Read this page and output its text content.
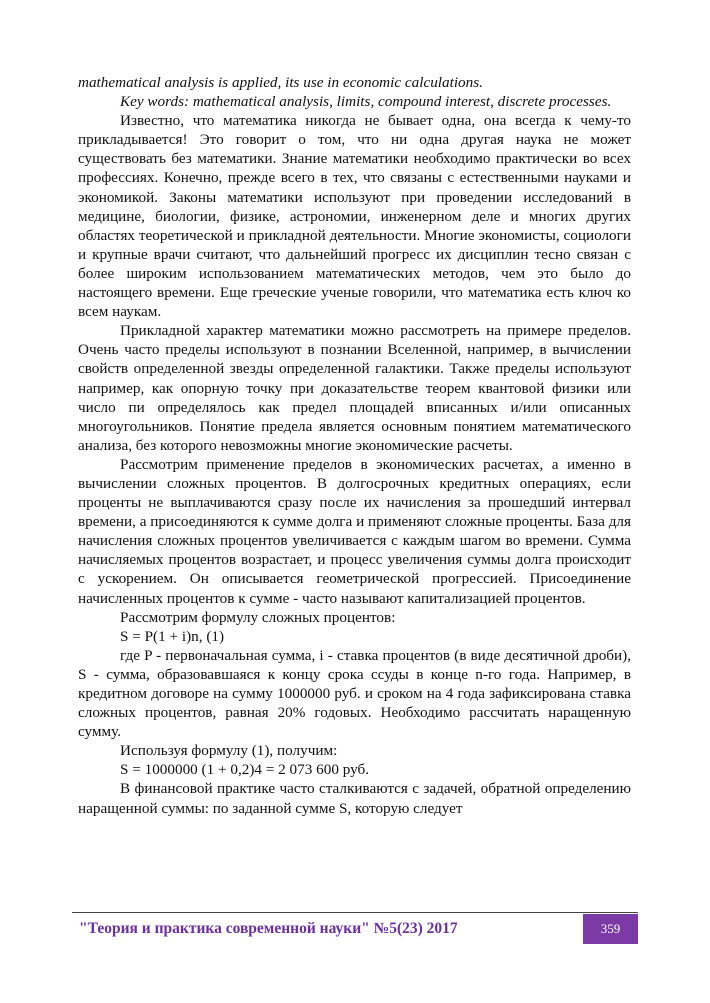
mathematical analysis is applied, its use in economic calculations.

Key words: mathematical analysis, limits, compound interest, discrete processes.

Известно, что математика никогда не бывает одна, она всегда к чему-то прикладывается! Это говорит о том, что ни одна другая наука не может существовать без математики. Знание математики необходимо практически во всех профессиях. Конечно, прежде всего в тех, что связаны с естественными науками и экономикой. Законы математики используют при проведении исследований в медицине, биологии, физике, астрономии, инженерном деле и многих других областях теоретической и прикладной деятельности. Многие экономисты, социологи и крупные врачи считают, что дальнейший прогресс их дисциплин тесно связан с более широким использованием математических методов, чем это было до настоящего времени. Еще греческие ученые говорили, что математика есть ключ ко всем наукам.

Прикладной характер математики можно рассмотреть на примере пределов. Очень часто пределы используют в познании Вселенной, например, в вычислении свойств определенной звезды определенной галактики. Также пределы используют например, как опорную точку при доказательстве теорем квантовой физики или число пи определялось как предел площадей вписанных и/или описанных многоугольников. Понятие предела является основным понятием математического анализа, без которого невозможны многие экономические расчеты.

Рассмотрим применение пределов в экономических расчетах, а именно в вычислении сложных процентов. В долгосрочных кредитных операциях, если проценты не выплачиваются сразу после их начисления за прошедший интервал времени, а присоединяются к сумме долга и применяют сложные проценты. База для начисления сложных процентов увеличивается с каждым шагом во времени. Сумма начисляемых процентов возрастает, и процесс увеличения суммы долга происходит с ускорением. Он описывается геометрической прогрессией. Присоединение начисленных процентов к сумме - часто называют капитализацией процентов.

Рассмотрим формулу сложных процентов:

S = P(1 + i)n, (1)

где P - первоначальная сумма, i - ставка процентов (в виде десятичной дроби), S - сумма, образовавшаяся к концу срока ссуды в конце n-го года. Например, в кредитном договоре на сумму 1000000 руб. и сроком на 4 года зафиксирована ставка сложных процентов, равная 20% годовых. Необходимо рассчитать наращенную сумму.

Используя формулу (1), получим:

S = 1000000 (1 + 0,2)4 = 2 073 600 руб.

В финансовой практике часто сталкиваются с задачей, обратной определению наращенной суммы: по заданной сумме S, которую следует

"Теория и практика современной науки" №5(23) 2017	359
